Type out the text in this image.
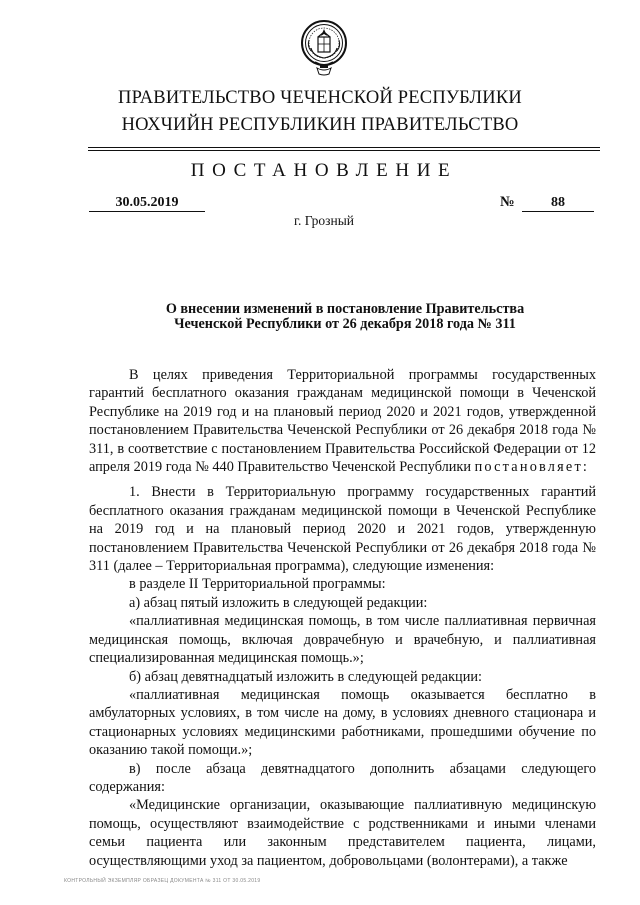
ПРАВИТЕЛЬСТВО ЧЕЧЕНСКОЙ РЕСПУБЛИКИ
НОХЧИЙН РЕСПУБЛИКИН ПРАВИТЕЛЬСТВО
ПОСТАНОВЛЕНИЕ
30.05.2019	№	88
г. Грозный
О внесении изменений в постановление Правительства
Чеченской Республики от 26 декабря 2018 года № 311

В целях приведения Территориальной программы государственных гарантий бесплатного оказания гражданам медицинской помощи в Чеченской Республике на 2019 год и на плановый период 2020 и 2021 годов, утвержденной постановлением Правительства Чеченской Республики от 26 декабря 2018 года № 311, в соответствие с постановлением Правительства Российской Федерации от 12 апреля 2019 года № 440 Правительство Чеченской Республики постановляет:

1. Внести в Территориальную программу государственных гарантий бесплатного оказания гражданам медицинской помощи в Чеченской Республике на 2019 год и на плановый период 2020 и 2021 годов, утвержденную постановлением Правительства Чеченской Республики от 26 декабря 2018 года № 311 (далее – Территориальная программа), следующие изменения:

в разделе II Территориальной программы:

а) абзац пятый изложить в следующей редакции:

«паллиативная медицинская помощь, в том числе паллиативная первичная медицинская помощь, включая доврачебную и врачебную, и паллиативная специализированная медицинская помощь.»;

б) абзац девятнадцатый изложить в следующей редакции:

«паллиативная медицинская помощь оказывается бесплатно в амбулаторных условиях, в том числе на дому, в условиях дневного стационара и стационарных условиях медицинскими работниками, прошедшими обучение по оказанию такой помощи.»;

в) после абзаца девятнадцатого дополнить абзацами следующего содержания:

«Медицинские организации, оказывающие паллиативную медицинскую помощь, осуществляют взаимодействие с родственниками и иными членами семьи пациента или законным представителем пациента, лицами, осуществляющими уход за пациентом, добровольцами (волонтерами), а также

КОНТРОЛЬНЫЙ ЭКЗЕМПЛЯР ОБРАЗЕЦ ДОКУМЕНТА № 311 ОТ 30.05.2019
